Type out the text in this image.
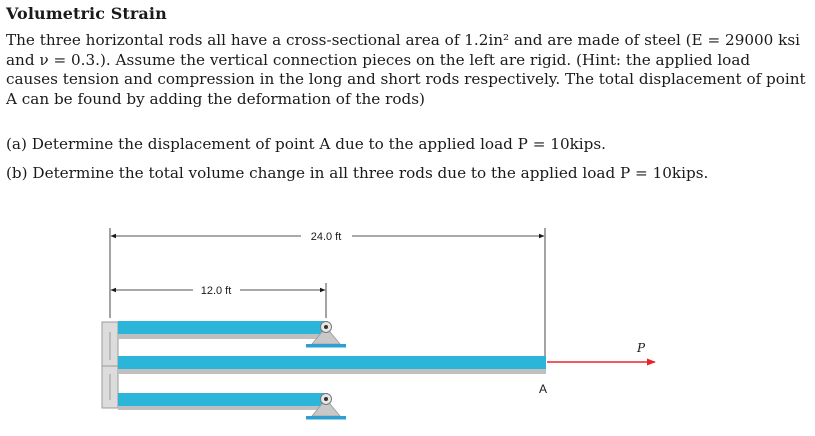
Volumetric Strain
The three horizontal rods all have a cross-sectional area of 1.2in² and are made of steel (E = 29000 ksi
and ν = 0.3.). Assume the vertical connection pieces on the left are rigid. (Hint: the applied load
causes tension and compression in the long and short rods respectively. The total displacement of point
A can be found by adding the deformation of the rods)
(a) Determine the displacement of point A due to the applied load P = 10kips.
(b) Determine the total volume change in all three rods due to the applied load P = 10kips.
24.0 ft
12.0 ft
P
A
